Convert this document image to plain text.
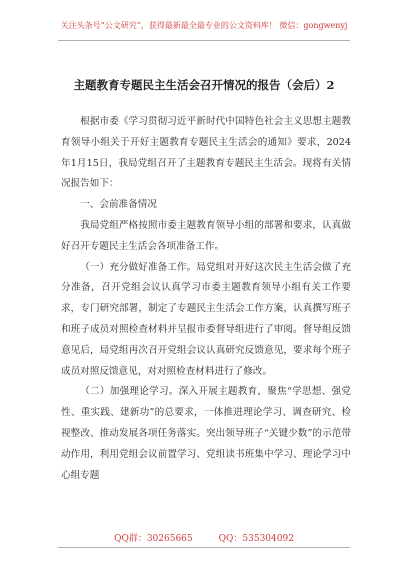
关注头条号“公文研究”，获得最新最全最专业的公文资料库！ 微信：gongwenyj
主题教育专题民主生活会召开情况的报告（会后）2

根据市委《学习贯彻习近平新时代中国特色社会主义思想主题教育领导小组关于开好主题教育专题民主生活会的通知》要求，2024年1月15日，我局党组召开了主题教育专题民主生活会。现将有关情况报告如下：

一、会前准备情况

我局党组严格按照市委主题教育领导小组的部署和要求，认真做好召开专题民主生活会各项准备工作。

（一）充分做好准备工作。局党组对开好这次民主生活会做了充分准备，召开党组会议认真学习市委主题教育领导小组有关工作要求，专门研究部署，制定了专题民主生活会工作方案，认真撰写班子和班子成员对照检查材料并呈报市委督导组进行了审阅。督导组反馈意见后，局党组再次召开党组会议认真研究反馈意见，要求每个班子成员对照反馈意见，对对照检查材料进行了修改。

（二）加强理论学习。深入开展主题教育，聚焦“学思想、强党性、重实践、建新功”的总要求，一体推进理论学习、调查研究、检视整改、推动发展各项任务落实。突出领导班子“关键少数”的示范带动作用，利用党组会议前置学习、党组读书班集中学习、理论学习中心组专题

QQ群：30265665	QQ：535304092
